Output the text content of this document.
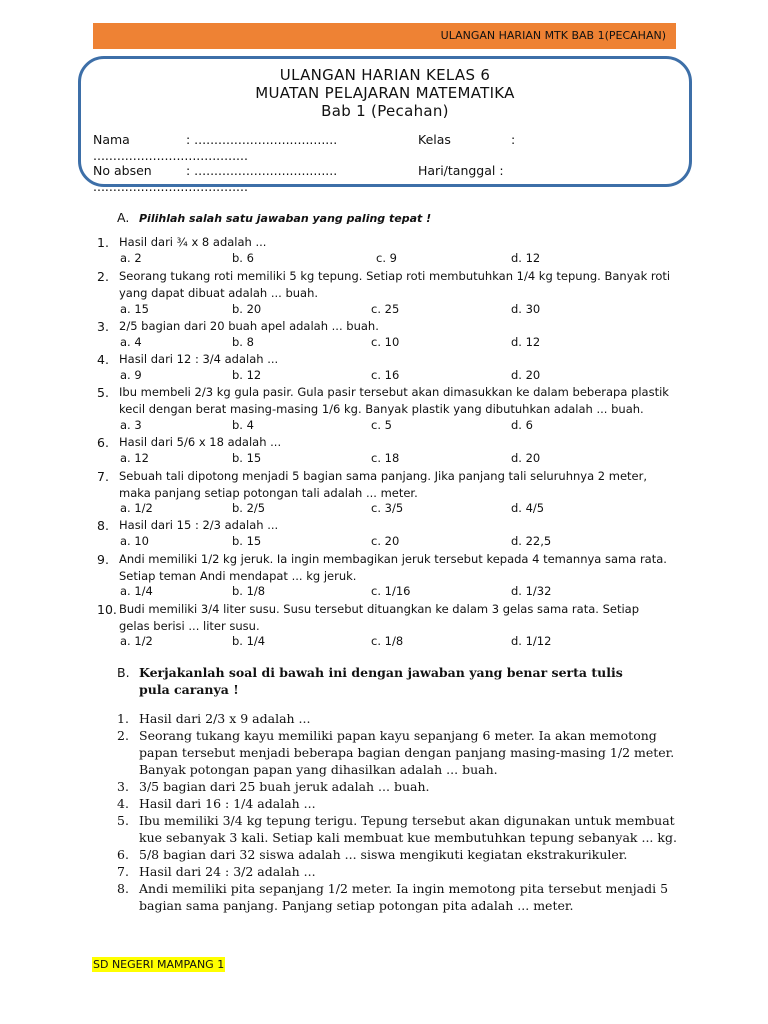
ULANGAN HARIAN MTK BAB 1(PECAHAN)
ULANGAN HARIAN KELAS 6
MUATAN PELAJARAN MATEMATIKA
Bab 1 (Pecahan)
Nama	: ....................................	Kelas	:
.......................................
No absen	: ....................................	Hari/tanggal :
.......................................
A. Pilihlah salah satu jawaban yang paling tepat !
1. Hasil dari ¾ x 8 adalah ...
a. 2	b. 6	c. 9	d. 12
2. Seorang tukang roti memiliki 5 kg tepung. Setiap roti membutuhkan 1/4 kg tepung. Banyak roti yang dapat dibuat adalah ... buah.
a. 15	b. 20	c. 25	d. 30
3. 2/5 bagian dari 20 buah apel adalah ... buah.
a. 4	b. 8	c. 10	d. 12
4. Hasil dari 12 : 3/4 adalah ...
a. 9	b. 12	c. 16	d. 20
5. Ibu membeli 2/3 kg gula pasir. Gula pasir tersebut akan dimasukkan ke dalam beberapa plastik kecil dengan berat masing-masing 1/6 kg. Banyak plastik yang dibutuhkan adalah ... buah.
a. 3	b. 4	c. 5	d. 6
6. Hasil dari 5/6 x 18 adalah ...
a. 12	b. 15	c. 18	d. 20
7. Sebuah tali dipotong menjadi 5 bagian sama panjang. Jika panjang tali seluruhnya 2 meter, maka panjang setiap potongan tali adalah ... meter.
a. 1/2	b. 2/5	c. 3/5	d. 4/5
8. Hasil dari 15 : 2/3 adalah ...
a. 10	b. 15	c. 20	d. 22,5
9. Andi memiliki 1/2 kg jeruk. Ia ingin membagikan jeruk tersebut kepada 4 temannya sama rata. Setiap teman Andi mendapat ... kg jeruk.
a. 1/4	b. 1/8	c. 1/16	d. 1/32
10. Budi memiliki 3/4 liter susu. Susu tersebut dituangkan ke dalam 3 gelas sama rata. Setiap gelas berisi ... liter susu.
a. 1/2	b. 1/4	c. 1/8	d. 1/12
B. Kerjakanlah soal di bawah ini dengan jawaban yang benar serta tulis pula caranya !
1. Hasil dari 2/3 x 9 adalah ...
2. Seorang tukang kayu memiliki papan kayu sepanjang 6 meter. Ia akan memotong papan tersebut menjadi beberapa bagian dengan panjang masing-masing 1/2 meter. Banyak potongan papan yang dihasilkan adalah ... buah.
3. 3/5 bagian dari 25 buah jeruk adalah ... buah.
4. Hasil dari 16 : 1/4 adalah ...
5. Ibu memiliki 3/4 kg tepung terigu. Tepung tersebut akan digunakan untuk membuat kue sebanyak 3 kali. Setiap kali membuat kue membutuhkan tepung sebanyak ... kg.
6. 5/8 bagian dari 32 siswa adalah ... siswa mengikuti kegiatan ekstrakurikuler.
7. Hasil dari 24 : 3/2 adalah ...
8. Andi memiliki pita sepanjang 1/2 meter. Ia ingin memotong pita tersebut menjadi 5 bagian sama panjang. Panjang setiap potongan pita adalah ... meter.
SD NEGERI MAMPANG 1
